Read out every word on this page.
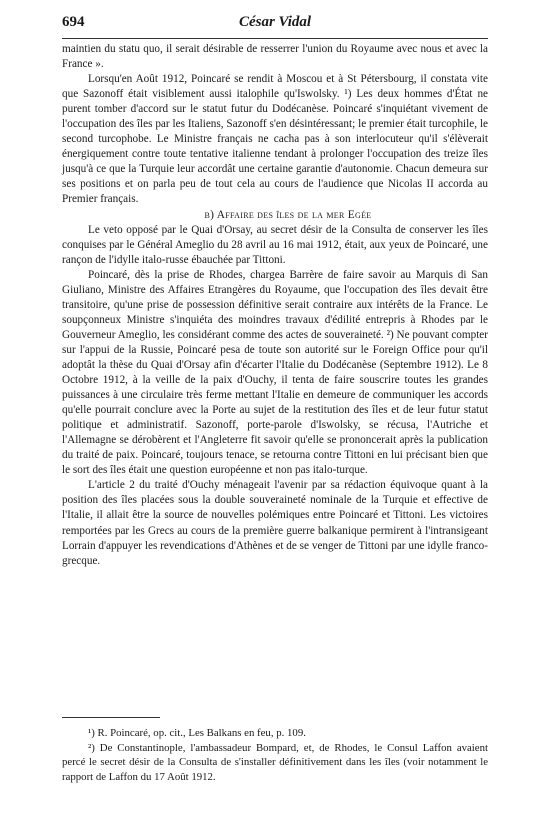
694	César Vidal

maintien du statu quo, il serait désirable de resserrer l'union du Royaume avec nous et avec la France ».

Lorsqu'en Août 1912, Poincaré se rendit à Moscou et à St Pétersbourg, il constata vite que Sazonoff était visiblement aussi italophile qu'Iswolsky. ¹) Les deux hommes d'État ne purent tomber d'accord sur le statut futur du Dodécanèse. Poincaré s'inquiétant vivement de l'occupation des îles par les Italiens, Sazonoff s'en désintéressant; le premier était turcophile, le second turcophobe. Le Ministre français ne cacha pas à son interlocuteur qu'il s'élèverait énergiquement contre toute tentative italienne tendant à prolonger l'occupation des treize îles jusqu'à ce que la Turquie leur accordât une certaine garantie d'autonomie. Chacun demeura sur ses positions et on parla peu de tout cela au cours de l'audience que Nicolas II accorda au Premier français.

b) Affaire des îles de la mer Egée

Le veto opposé par le Quai d'Orsay, au secret désir de la Consulta de conserver les îles conquises par le Général Ameglio du 28 avril au 16 mai 1912, était, aux yeux de Poincaré, une rançon de l'idylle italo-russe ébauchée par Tittoni.

Poincaré, dès la prise de Rhodes, chargea Barrère de faire savoir au Marquis di San Giuliano, Ministre des Affaires Etrangères du Royaume, que l'occupation des îles devait être transitoire, qu'une prise de possession définitive serait contraire aux intérêts de la France. Le soupçonneux Ministre s'inquiéta des moindres travaux d'édilité entrepris à Rhodes par le Gouverneur Ameglio, les considérant comme des actes de souveraineté. ²) Ne pouvant compter sur l'appui de la Russie, Poincaré pesa de toute son autorité sur le Foreign Office pour qu'il adoptât la thèse du Quai d'Orsay afin d'écarter l'Italie du Dodécanèse (Septembre 1912). Le 8 Octobre 1912, à la veille de la paix d'Ouchy, il tenta de faire souscrire toutes les grandes puissances à une circulaire très ferme mettant l'Italie en demeure de communiquer les accords qu'elle pourrait conclure avec la Porte au sujet de la restitution des îles et de leur futur statut politique et administratif. Sazonoff, porte-parole d'Iswolsky, se récusa, l'Autriche et l'Allemagne se dérobèrent et l'Angleterre fit savoir qu'elle se prononcerait après la publication du traité de paix. Poincaré, toujours tenace, se retourna contre Tittoni en lui précisant bien que le sort des îles était une question européenne et non pas italo-turque.

L'article 2 du traité d'Ouchy ménageait l'avenir par sa rédaction équivoque quant à la position des îles placées sous la double souveraineté nominale de la Turquie et effective de l'Italie, il allait être la source de nouvelles polémiques entre Poincaré et Tittoni. Les victoires remportées par les Grecs au cours de la première guerre balkanique permirent à l'intransigeant Lorrain d'appuyer les revendications d'Athènes et de se venger de Tittoni par une idylle franco-grecque.

¹) R. Poincaré, op. cit., Les Balkans en feu, p. 109.

²) De Constantinople, l'ambassadeur Bompard, et, de Rhodes, le Consul Laffon avaient percé le secret désir de la Consulta de s'installer définitivement dans les îles (voir notamment le rapport de Laffon du 17 Août 1912.
